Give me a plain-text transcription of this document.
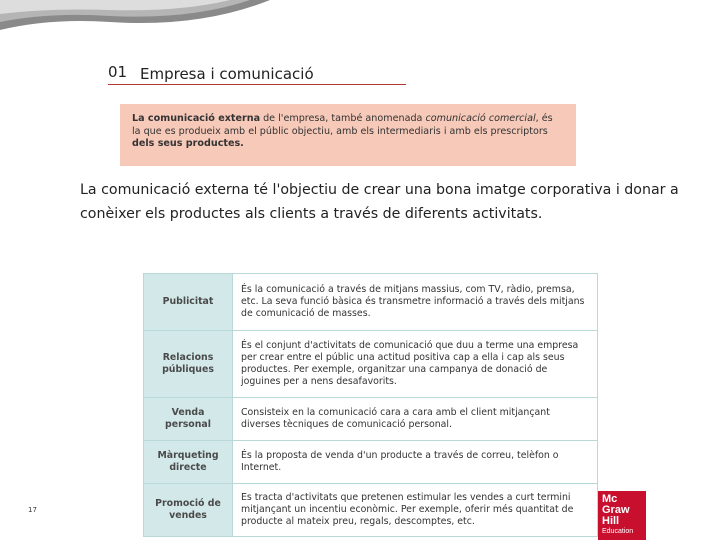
01 Empresa i comunicació
La comunicació externa de l'empresa, també anomenada comunicació comercial, és la que es produeix amb el públic objectiu, amb els intermediaris i amb els prescriptors dels seus productes.
La comunicació externa té l'objectiu de crear una bona imatge corporativa i donar a conèixer els productes als clients a través de diferents activitats.
Publicitat	És la comunicació a través de mitjans massius, com TV, ràdio, premsa, etc. La seva funció bàsica és transmetre informació a través dels mitjans de comunicació de masses.
Relacions públiques	És el conjunt d'activitats de comunicació que duu a terme una empresa per crear entre el públic una actitud positiva cap a ella i cap als seus productes. Per exemple, organitzar una campanya de donació de joguines per a nens desafavorits.
Venda personal	Consisteix en la comunicació cara a cara amb el client mitjançant diverses tècniques de comunicació personal.
Màrqueting directe	És la proposta de venda d'un producte a través de correu, telèfon o Internet.
Promoció de vendes	Es tracta d'activitats que pretenen estimular les vendes a curt termini mitjançant un incentiu econòmic. Per exemple, oferir més quantitat de producte al mateix preu, regals, descomptes, etc.
17
Mc
Graw
Hill
Education
